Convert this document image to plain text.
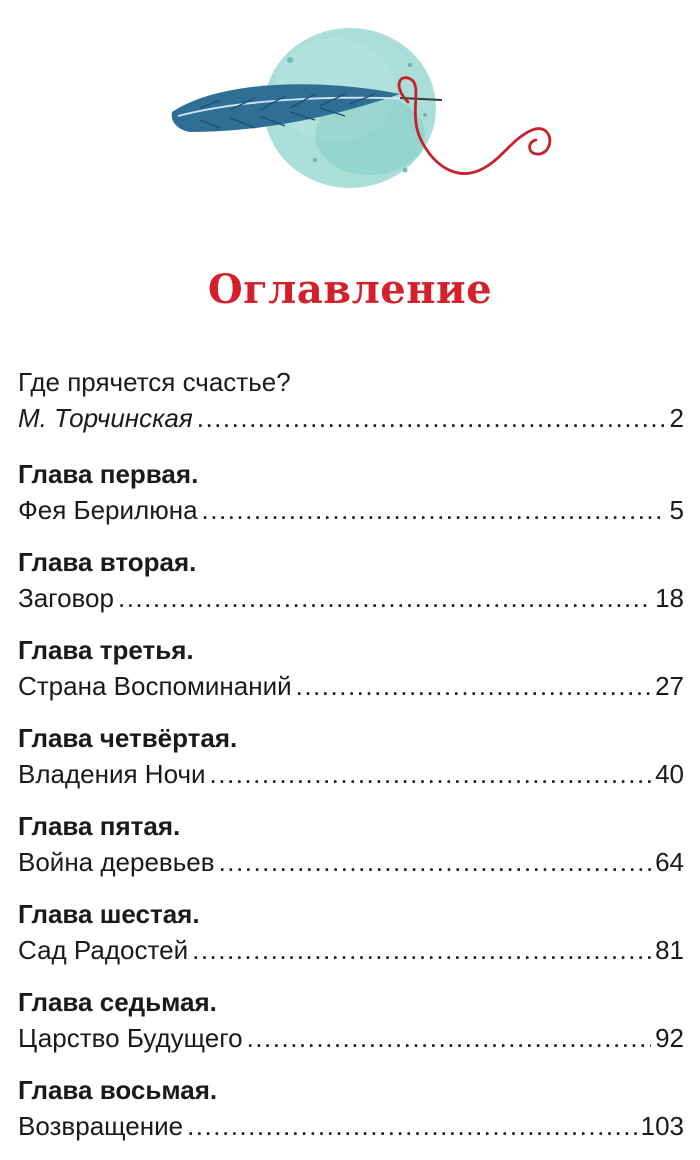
Оглавление
Где прячется счастье?
М. Торчинская .....	2
Глава первая.
Фея Берилюна .....	5
Глава вторая.
Заговор .....	18
Глава третья.
Страна Воспоминаний .....	27
Глава четвёртая.
Владения Ночи .....	40
Глава пятая.
Война деревьев .....	64
Глава шестая.
Сад Радостей .....	81
Глава седьмая.
Царство Будущего .....	92
Глава восьмая.
Возвращение .....	103
